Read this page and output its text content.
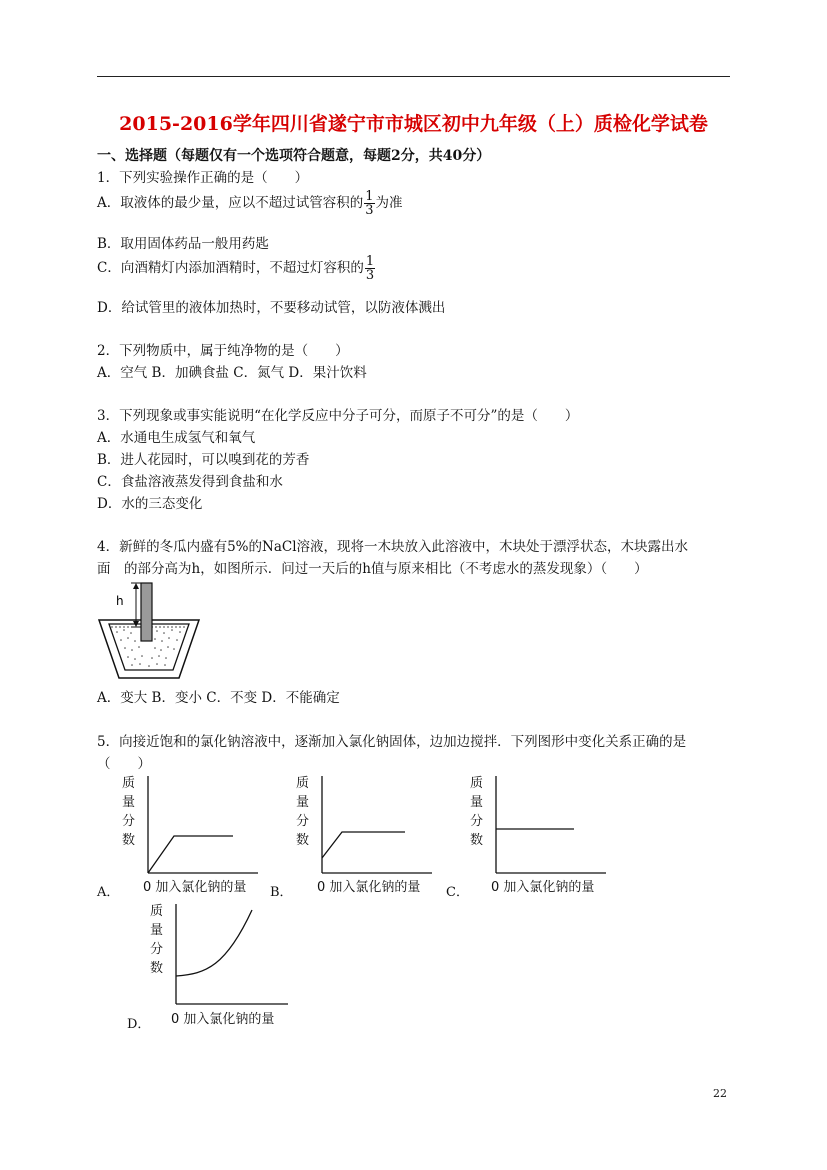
2015-2016学年四川省遂宁市市城区初中九年级（上）质检化学试卷
一、选择题（每题仅有一个选项符合题意，每题2分，共40分）
1．下列实验操作正确的是（　　）
A．取液体的最少量，应以不超过试管容积的 $\frac{1}{3}$ 为准
B．取用固体药品一般用药匙
C．向酒精灯内添加酒精时，不超过灯容积的 $\frac{1}{3}$
D．给试管里的液体加热时，不要移动试管，以防液体溅出
2．下列物质中，属于纯净物的是（　　）
A．空气 B．加碘食盐 C．氮气 D．果汁饮料
3．下列现象或事实能说明“在化学反应中分子可分，而原子不可分”的是（　　）
A．水通电生成氢气和氧气
B．进人花园时，可以嗅到花的芳香
C．食盐溶液蒸发得到食盐和水
D．水的三态变化
4．新鲜的冬瓜内盛有5%的NaCl溶液，现将一木块放入此溶液中，木块处于漂浮状态，木块露出水
面　的部分高为h，如图所示．问过一天后的h值与原来相比（不考虑水的蒸发现象）（　　）
h
A．变大 B．变小 C．不变 D．不能确定
5．向接近饱和的氯化钠溶液中，逐渐加入氯化钠固体，边加边搅拌．下列图形中变化关系正确的是
（　　）
A．
质
量
分
数
0 加入氯化钠的量 B．
质
量
分
数
0 加入氯化钠的量 C．
质
量
分
数
0 加入氯化钠的量
D．
质
量
分
数
0 加入氯化钠的量
22
